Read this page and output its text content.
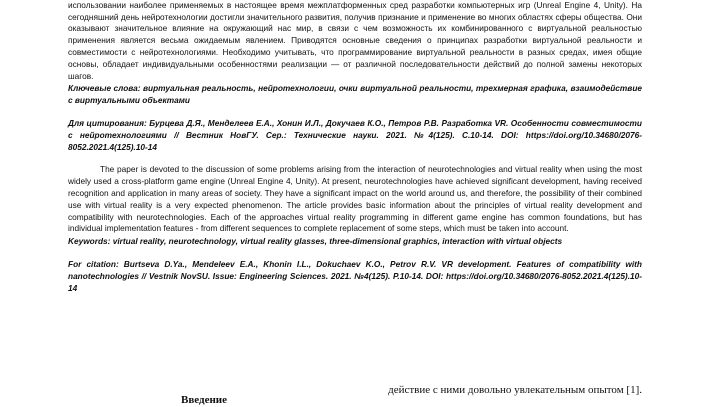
использовании наиболее применяемых в настоящее время межплатформенных сред разработки компьютерных игр (Unreal Engine 4, Unity). На сегодняшний день нейротехнологии достигли значительного развития, получив признание и применение во многих областях сферы общества. Они оказывают значительное влияние на окружающий нас мир, в связи с чем возможность их комбинированного с виртуальной реальностью применения является весьма ожидаемым явлением. Приводятся основные сведения о принципах разработки виртуальной реальности и совместимости с нейротехнологиями. Необходимо учитывать, что программирование виртуальной реальности в разных средах, имея общие основы, обладает индивидуальными особенностями реализации — от различной последовательности действий до полной замены некоторых шагов.

Ключевые слова: виртуальная реальность, нейротехнологии, очки виртуальной реальности, трехмерная графика, взаимодействие с виртуальными объектами

Для цитирования: Бурцева Д.Я., Менделеев Е.А., Хонин И.Л., Докучаев К.О., Петров Р.В. Разработка VR. Особенности совместимости с нейротехнологиями // Вестник НовГУ. Сер.: Технические науки. 2021. №4(125). С.10-14. DOI: https://doi.org/10.34680/2076-8052.2021.4(125).10-14

The paper is devoted to the discussion of some problems arising from the interaction of neurotechnologies and virtual reality when using the most widely used a cross-platform game engine (Unreal Engine 4, Unity). At present, neurotechnologies have achieved significant development, having received recognition and application in many areas of society. They have a significant impact on the world around us, and therefore, the possibility of their combined use with virtual reality is a very expected phenomenon. The article provides basic information about the principles of virtual reality development and compatibility with neurotechnologies. Each of the approaches virtual reality programming in different game engine has common foundations, but has individual implementation features - from different sequences to complete replacement of some steps, which must be taken into account.

Keywords: virtual reality, neurotechnology, virtual reality glasses, three-dimensional graphics, interaction with virtual objects

For citation: Burtseva D.Ya., Mendeleev E.A., Khonin I.L., Dokuchaev K.O., Petrov R.V. VR development. Features of compatibility with nanotechnologies // Vestnik NovSU. Issue: Engineering Sciences. 2021. №4(125). P.10-14. DOI: https://doi.org/10.34680/2076-8052.2021.4(125).10-14

действие с ними довольно увлекательным опытом [1].
Введение
